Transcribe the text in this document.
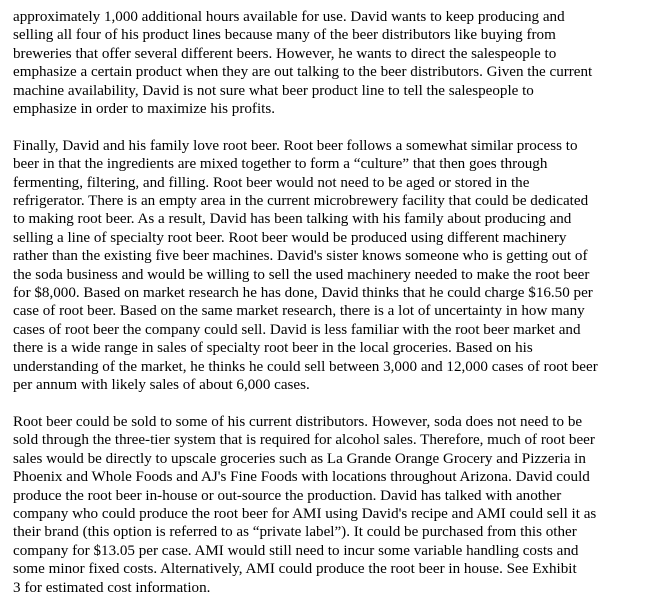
approximately 1,000 additional hours available for use. David wants to keep producing and
selling all four of his product lines because many of the beer distributors like buying from
breweries that offer several different beers. However, he wants to direct the salespeople to
emphasize a certain product when they are out talking to the beer distributors. Given the current
machine availability, David is not sure what beer product line to tell the salespeople to
emphasize in order to maximize his profits.
Finally, David and his family love root beer. Root beer follows a somewhat similar process to
beer in that the ingredients are mixed together to form a “culture” that then goes through
fermenting, filtering, and filling. Root beer would not need to be aged or stored in the
refrigerator. There is an empty area in the current microbrewery facility that could be dedicated
to making root beer. As a result, David has been talking with his family about producing and
selling a line of specialty root beer. Root beer would be produced using different machinery
rather than the existing five beer machines. David's sister knows someone who is getting out of
the soda business and would be willing to sell the used machinery needed to make the root beer
for $8,000. Based on market research he has done, David thinks that he could charge $16.50 per
case of root beer. Based on the same market research, there is a lot of uncertainty in how many
cases of root beer the company could sell. David is less familiar with the root beer market and
there is a wide range in sales of specialty root beer in the local groceries. Based on his
understanding of the market, he thinks he could sell between 3,000 and 12,000 cases of root beer
per annum with likely sales of about 6,000 cases.
Root beer could be sold to some of his current distributors. However, soda does not need to be
sold through the three-tier system that is required for alcohol sales. Therefore, much of root beer
sales would be directly to upscale groceries such as La Grande Orange Grocery and Pizzeria in
Phoenix and Whole Foods and AJ's Fine Foods with locations throughout Arizona. David could
produce the root beer in-house or out-source the production. David has talked with another
company who could produce the root beer for AMI using David's recipe and AMI could sell it as
their brand (this option is referred to as “private label”). It could be purchased from this other
company for $13.05 per case. AMI would still need to incur some variable handling costs and
some minor fixed costs. Alternatively, AMI could produce the root beer in house. See Exhibit
3 for estimated cost information.
